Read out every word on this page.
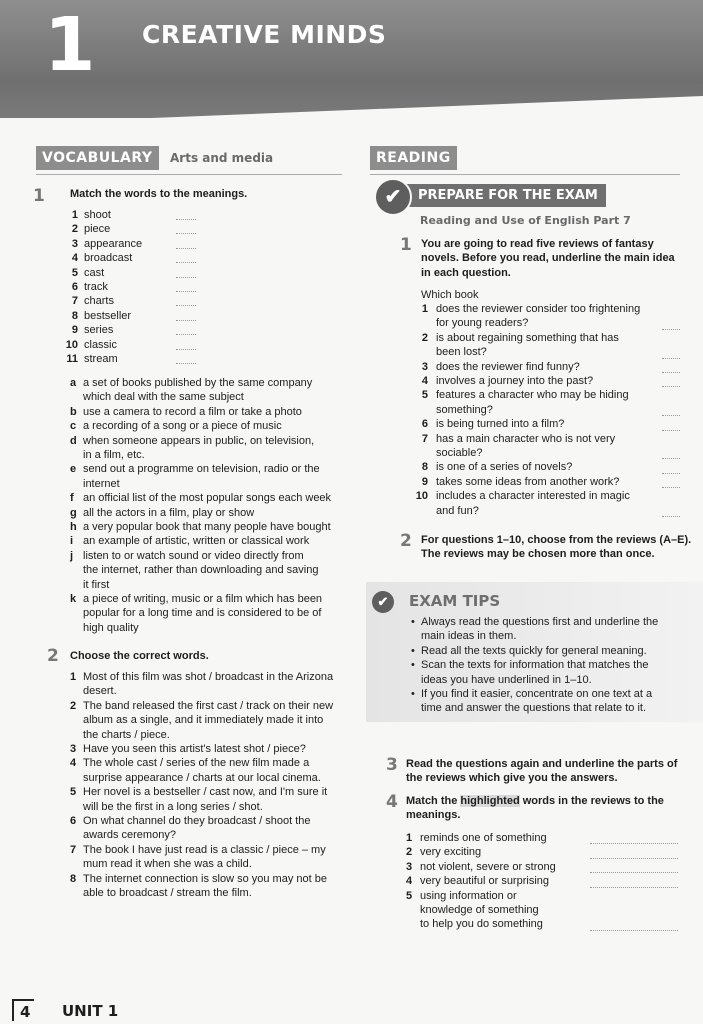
1 CREATIVE MINDS
VOCABULARY	Arts and media
1 Match the words to the meanings.
1 shoot
2 piece
3 appearance
4 broadcast
5 cast
6 track
7 charts
8 bestseller
9 series
10 classic
11 stream
a a set of books published by the same company
which deal with the same subject
b use a camera to record a film or take a photo
c a recording of a song or a piece of music
d when someone appears in public, on television,
in a film, etc.
e send out a programme on television, radio or the
internet
f an official list of the most popular songs each week
g all the actors in a film, play or show
h a very popular book that many people have bought
i an example of artistic, written or classical work
j listen to or watch sound or video directly from
the internet, rather than downloading and saving
it first
k a piece of writing, music or a film which has been
popular for a long time and is considered to be of
high quality
2 Choose the correct words.
1 Most of this film was shot / broadcast in the Arizona
desert.
2 The band released the first cast / track on their new
album as a single, and it immediately made it into
the charts / piece.
3 Have you seen this artist's latest shot / piece?
4 The whole cast / series of the new film made a
surprise appearance / charts at our local cinema.
5 Her novel is a bestseller / cast now, and I'm sure it
will be the first in a long series / shot.
6 On what channel do they broadcast / shoot the
awards ceremony?
7 The book I have just read is a classic / piece – my
mum read it when she was a child.
8 The internet connection is slow so you may not be
able to broadcast / stream the film.
READING
PREPARE FOR THE EXAM
✔
Reading and Use of English Part 7
1 You are going to read five reviews of fantasy
novels. Before you read, underline the main idea
in each question.
Which book
1 does the reviewer consider too frightening
for young readers?
2 is about regaining something that has
been lost?
3 does the reviewer find funny?
4 involves a journey into the past?
5 features a character who may be hiding
something?
6 is being turned into a film?
7 has a main character who is not very
sociable?
8 is one of a series of novels?
9 takes some ideas from another work?
10 includes a character interested in magic
and fun?
2 For questions 1–10, choose from the reviews (A–E).
The reviews may be chosen more than once.
✔	EXAM TIPS
• Always read the questions first and underline the
main ideas in them.
• Read all the texts quickly for general meaning.
• Scan the texts for information that matches the
ideas you have underlined in 1–10.
• If you find it easier, concentrate on one text at a
time and answer the questions that relate to it.
3 Read the questions again and underline the parts of
the reviews which give you the answers.
4 Match the highlighted words in the reviews to the
meanings.
1 reminds one of something
2 very exciting
3 not violent, severe or strong
4 very beautiful or surprising
5 using information or
knowledge of something
to help you do something
4 UNIT 1
